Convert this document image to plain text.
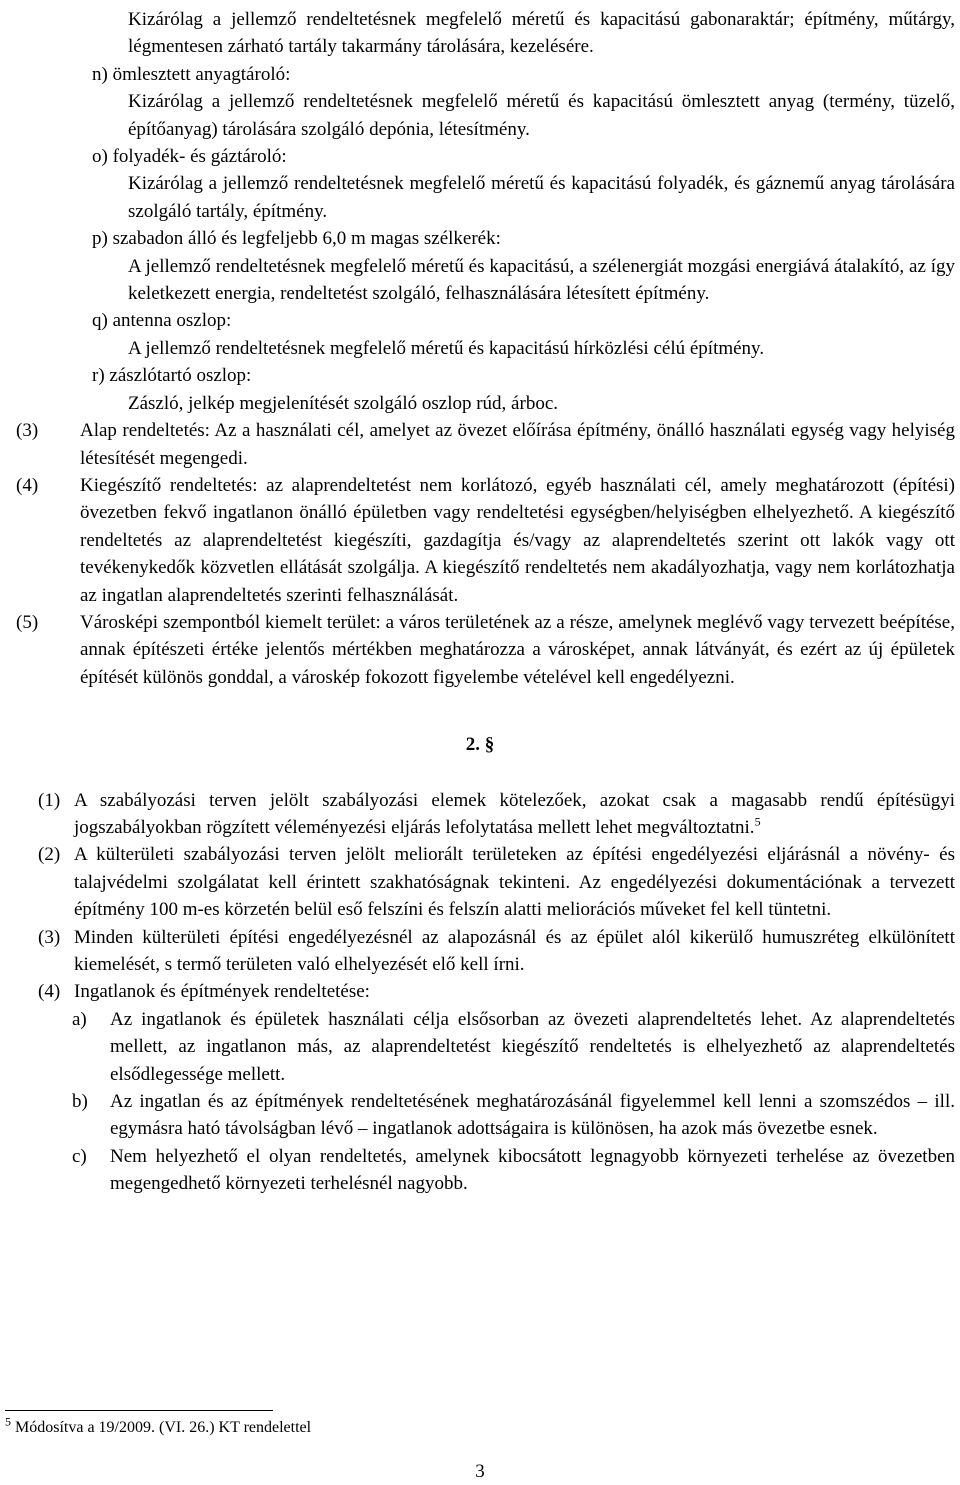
Kizárólag a jellemző rendeltetésnek megfelelő méretű és kapacitású gabonaraktár; építmény, műtárgy, légmentesen zárható tartály takarmány tárolására, kezelésére.

n) ömlesztett anyagtároló:

Kizárólag a jellemző rendeltetésnek megfelelő méretű és kapacitású ömlesztett anyag (termény, tüzelő, építőanyag) tárolására szolgáló depónia, létesítmény.

o) folyadék- és gáztároló:

Kizárólag a jellemző rendeltetésnek megfelelő méretű és kapacitású folyadék, és gáznemű anyag tárolására szolgáló tartály, építmény.

p) szabadon álló és legfeljebb 6,0 m magas szélkerék:

A jellemző rendeltetésnek megfelelő méretű és kapacitású, a szélenergiát mozgási energiává átalakító, az így keletkezett energia, rendeltetést szolgáló, felhasználására létesített építmény.

q) antenna oszlop:

A jellemző rendeltetésnek megfelelő méretű és kapacitású hírközlési célú építmény.

r) zászlótartó oszlop:

Zászló, jelkép megjelenítését szolgáló oszlop rúd, árboc.

(3) Alap rendeltetés: Az a használati cél, amelyet az övezet előírása építmény, önálló használati egység vagy helyiség létesítését megengedi.

(4) Kiegészítő rendeltetés: az alaprendeltetést nem korlátozó, egyéb használati cél, amely meghatározott (építési) övezetben fekvő ingatlanon önálló épületben vagy rendeltetési egységben/helyiségben elhelyezhető. A kiegészítő rendeltetés az alaprendeltetést kiegészíti, gazdagítja és/vagy az alaprendeltetés szerint ott lakók vagy ott tevékenykedők közvetlen ellátását szolgálja. A kiegészítő rendeltetés nem akadályozhatja, vagy nem korlátozhatja az ingatlan alaprendeltetés szerinti felhasználását.

(5) Városképi szempontból kiemelt terület: a város területének az a része, amelynek meglévő vagy tervezett beépítése, annak építészeti értéke jelentős mértékben meghatározza a városképet, annak látványát, és ezért az új épületek építését különös gonddal, a városkép fokozott figyelembe vételével kell engedélyezni.

2. §

(1) A szabályozási terven jelölt szabályozási elemek kötelezőek, azokat csak a magasabb rendű építésügyi jogszabályokban rögzített véleményezési eljárás lefolytatása mellett lehet megváltoztatni.$^5$

(2) A külterületi szabályozási terven jelölt meliorált területeken az építési engedélyezési eljárásnál a növény- és talajvédelmi szolgálatat kell érintett szakhatóságnak tekinteni. Az engedélyezési dokumentációnak a tervezett építmény 100 m-es körzetén belül eső felszíni és felszín alatti meliorációs műveket fel kell tüntetni.

(3) Minden külterületi építési engedélyezésnél az alapozásnál és az épület alól kikerülő humuszréteg elkülönített kiemelését, s termő területen való elhelyezését elő kell írni.

(4) Ingatlanok és építmények rendeltetése:

a) Az ingatlanok és épületek használati célja elsősorban az övezeti alaprendeltetés lehet. Az alaprendeltetés mellett, az ingatlanon más, az alaprendeltetést kiegészítő rendeltetés is elhelyezhető az alaprendeltetés elsődlegessége mellett.

b) Az ingatlan és az építmények rendeltetésének meghatározásánál figyelemmel kell lenni a szomszédos – ill. egymásra ható távolságban lévő – ingatlanok adottságaira is különösen, ha azok más övezetbe esnek.

c) Nem helyezhető el olyan rendeltetés, amelynek kibocsátott legnagyobb környezeti terhelése az övezetben megengedhető környezeti terhelésnél nagyobb.

$^5$ Módosítva a 19/2009. (VI. 26.) KT rendelettel
3
